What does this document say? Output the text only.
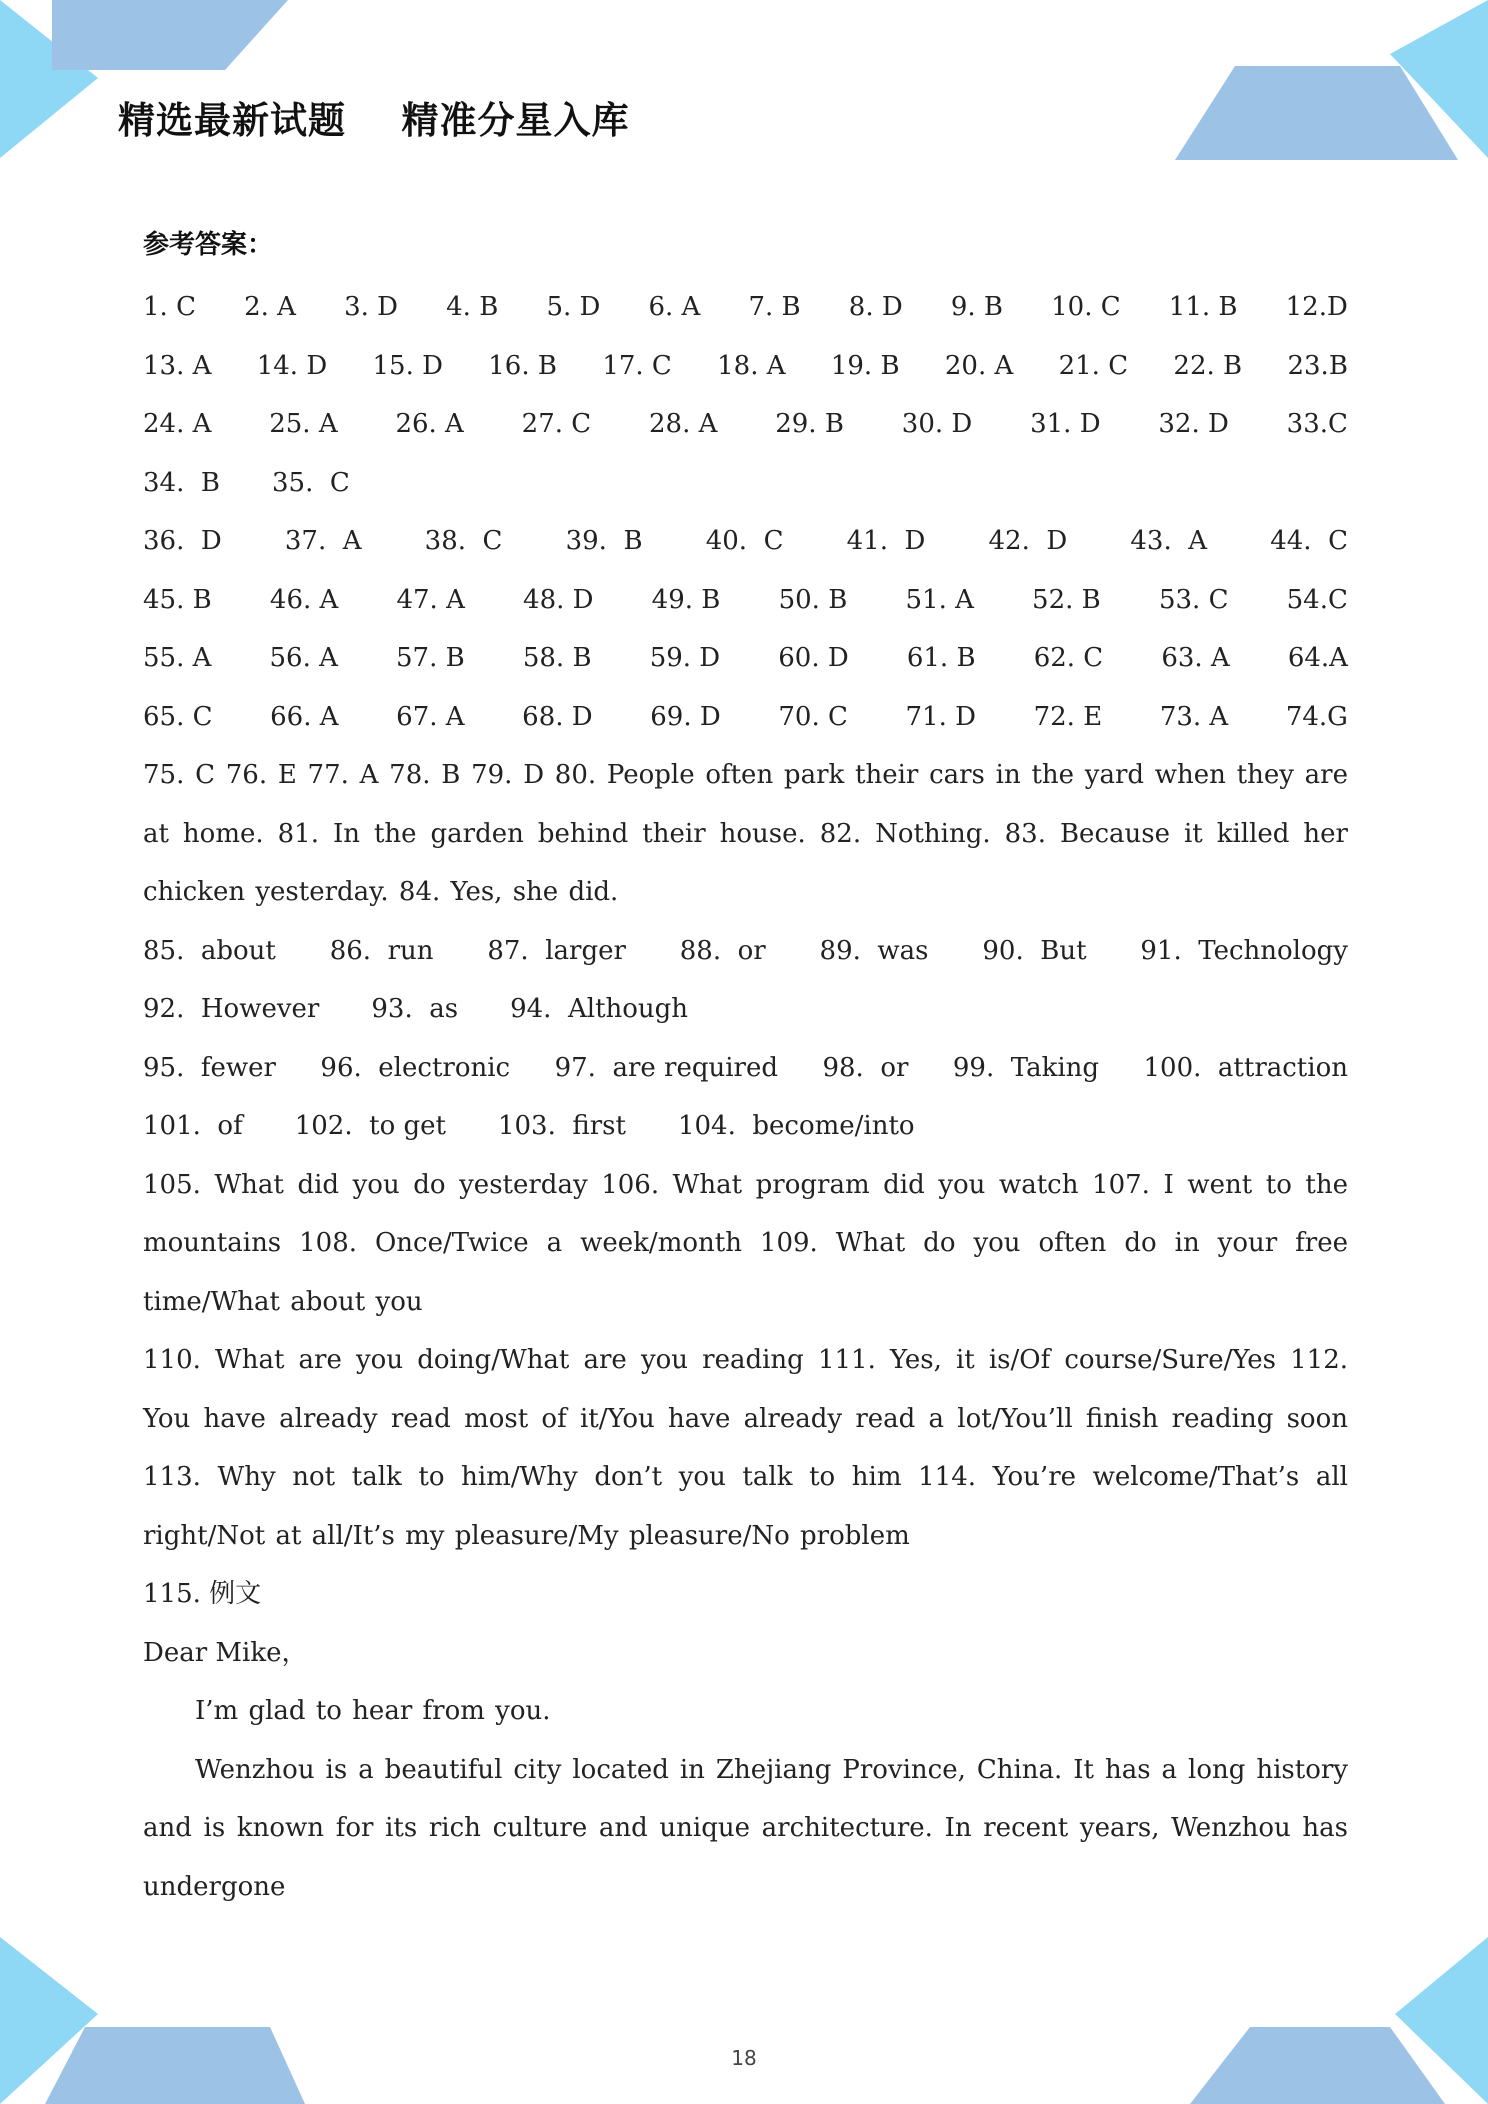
精选最新试题    精准分星入库
参考答案：
1. C 2. A 3. D 4. B 5. D 6. A 7. B 8. D 9. B 10. C 11. B 12.D
13. A 14. D 15. D 16. B 17. C 18. A 19. B 20. A 21. C 22. B 23.B
24. A 25. A 26. A 27. C 28. A 29. B 30. D 31. D 32. D 33.C
34.  B 35.  C
36.  D 37.  A 38.  C 39.  B 40.  C 41.  D 42.  D 43.  A 44.  C
45. B 46. A 47. A 48. D 49. B 50. B 51. A 52. B 53. C 54.C
55. A 56. A 57. B 58. B 59. D 60. D 61. B 62. C 63. A 64.A
65. C 66. A 67. A 68. D 69. D 70. C 71. D 72. E 73. A 74.G
75. C 76. E 77. A 78. B 79. D 80. People often park their cars in the yard when they are at home. 81. In the garden behind their house. 82. Nothing. 83. Because it killed her chicken yesterday. 84. Yes, she did.
85.  about 86.  run 87.  larger 88.  or 89.  was 90.  But 91.  Technology
92.  However 93.  as 94.  Although
95.  fewer 96.  electronic 97.  are required 98.  or 99.  Taking 100.  attraction
101.  of 102.  to get 103.  first 104.  become/into
105. What did you do yesterday 106. What program did you watch 107. I went to the mountains 108. Once/Twice a week/month 109. What do you often do in your free time/What about you
110. What are you doing/What are you reading 111. Yes, it is/Of course/Sure/Yes 112. You have already read most of it/You have already read a lot/You’ll finish reading soon 113. Why not talk to him/Why don’t you talk to him 114. You’re welcome/That’s all right/Not at all/It’s my pleasure/My pleasure/No problem
115. 例文
Dear Mike，
I’m glad to hear from you.
Wenzhou is a beautiful city located in Zhejiang Province, China. It has a long history and is known for its rich culture and unique architecture. In recent years, Wenzhou has undergone
18
